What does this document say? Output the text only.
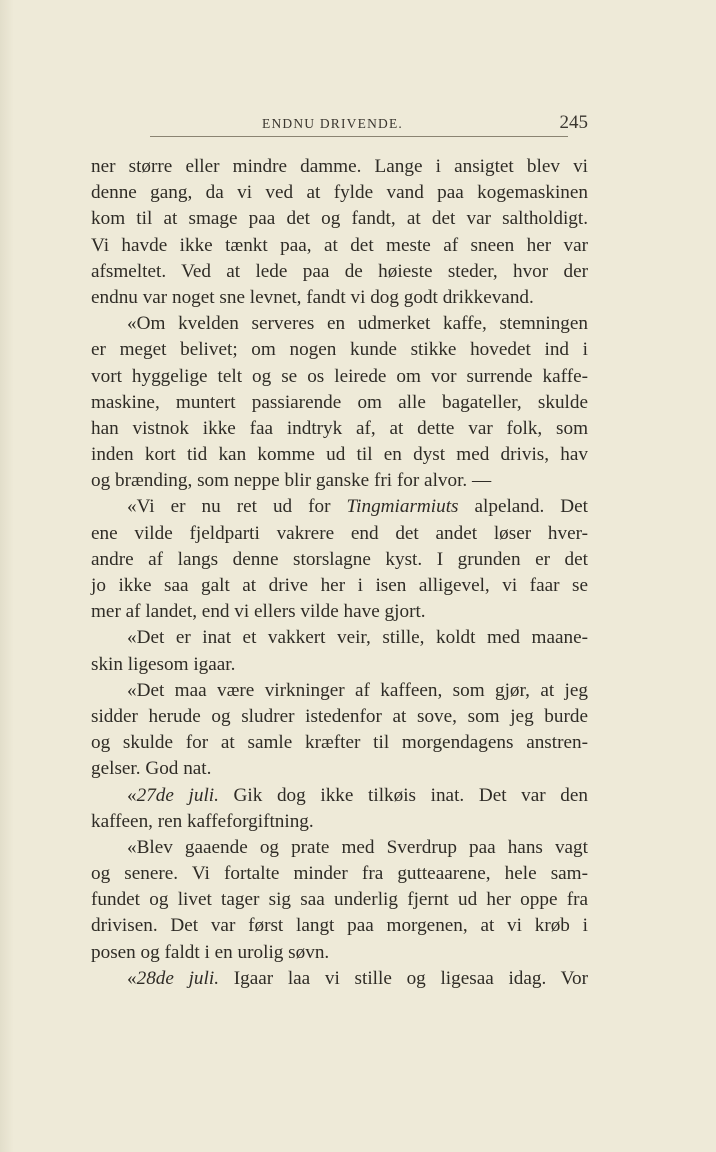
ENDNU DRIVENDE.	245
ner større eller mindre damme. Lange i ansigtet blev vi
denne gang, da vi ved at fylde vand paa kogemaskinen
kom til at smage paa det og fandt, at det var saltholdigt.
Vi havde ikke tænkt paa, at det meste af sneen her var
afsmeltet. Ved at lede paa de høieste steder, hvor der
endnu var noget sne levnet, fandt vi dog godt drikkevand.
«Om kvelden serveres en udmerket kaffe, stemningen
er meget belivet; om nogen kunde stikke hovedet ind i
vort hyggelige telt og se os leirede om vor surrende kaffe-
maskine, muntert passiarende om alle bagateller, skulde
han vistnok ikke faa indtryk af, at dette var folk, som
inden kort tid kan komme ud til en dyst med drivis, hav
og brænding, som neppe blir ganske fri for alvor. —
«Vi er nu ret ud for Tingmiarmiuts alpeland. Det
ene vilde fjeldparti vakrere end det andet løser hver-
andre af langs denne storslagne kyst. I grunden er det
jo ikke saa galt at drive her i isen alligevel, vi faar se
mer af landet, end vi ellers vilde have gjort.
«Det er inat et vakkert veir, stille, koldt med maane-
skin ligesom igaar.
«Det maa være virkninger af kaffeen, som gjør, at jeg
sidder herude og sludrer istedenfor at sove, som jeg burde
og skulde for at samle kræfter til morgendagens anstren-
gelser. God nat.
«27de juli. Gik dog ikke tilkøis inat. Det var den
kaffeen, ren kaffeforgiftning.
«Blev gaaende og prate med Sverdrup paa hans vagt
og senere. Vi fortalte minder fra gutteaarene, hele sam-
fundet og livet tager sig saa underlig fjernt ud her oppe fra
drivisen. Det var først langt paa morgenen, at vi krøb i
posen og faldt i en urolig søvn.
«28de juli. Igaar laa vi stille og ligesaa idag. Vor
